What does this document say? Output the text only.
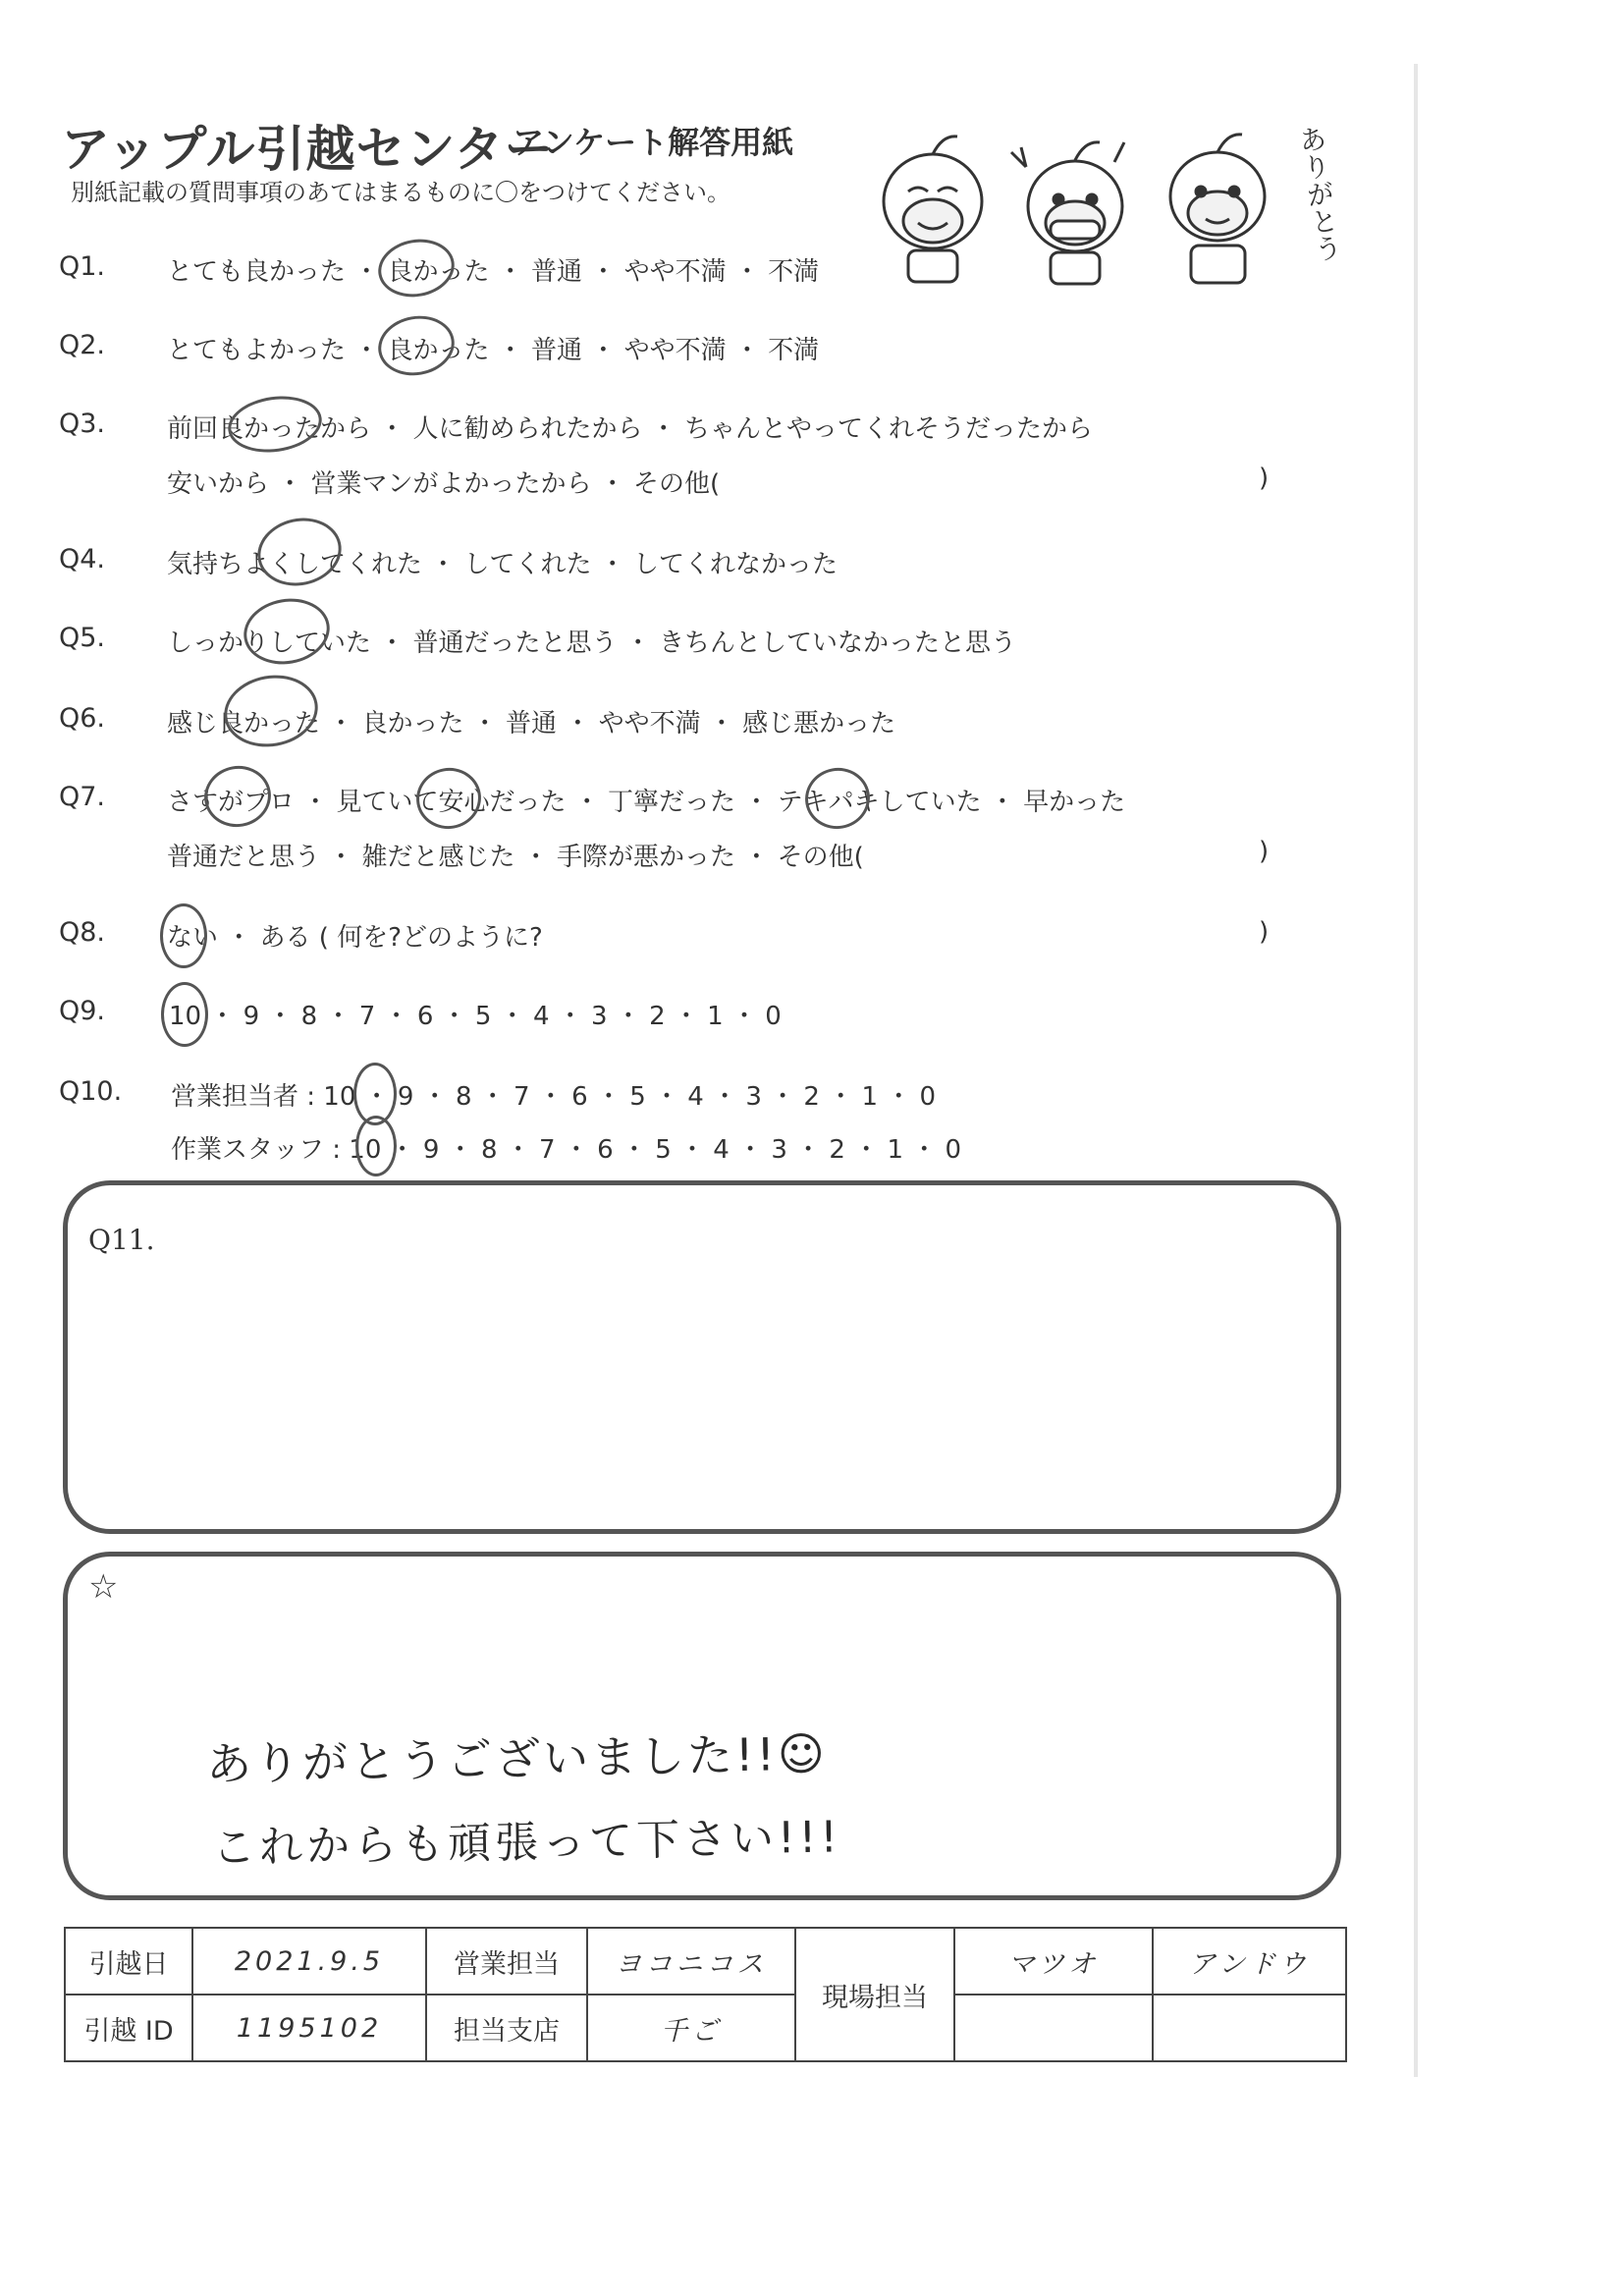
アップル引越センター
アンケート解答用紙
別紙記載の質問事項のあてはまるものに〇をつけてください。	ありがとう
Q1. とても良かった ・ 良かった ・ 普通 ・ やや不満 ・ 不満
Q2. とてもよかった ・ 良かった ・ 普通 ・ やや不満 ・ 不満
Q3. 前回良かったから ・ 人に勧められたから ・ ちゃんとやってくれそうだったから
安いから ・ 営業マンがよかったから ・ その他(	)
Q4. 気持ちよくしてくれた ・ してくれた ・ してくれなかった
Q5. しっかりしていた ・ 普通だったと思う ・ きちんとしていなかったと思う
Q6. 感じ良かった ・ 良かった ・ 普通 ・ やや不満 ・ 感じ悪かった
Q7. さすがプロ ・ 見ていて安心だった ・ 丁寧だった ・ テキパキしていた ・ 早かった
普通だと思う ・ 雑だと感じた ・ 手際が悪かった ・ その他(	)
Q8. ない ・ ある ( 何を?どのように?	)
Q9. 10 ・ 9 ・ 8 ・ 7 ・ 6 ・ 5 ・ 4 ・ 3 ・ 2 ・ 1 ・ 0
Q10. 営業担当者 : 10 ・ 9 ・ 8 ・ 7 ・ 6 ・ 5 ・ 4 ・ 3 ・ 2 ・ 1 ・ 0
作業スタッフ : 10 ・ 9 ・ 8 ・ 7 ・ 6 ・ 5 ・ 4 ・ 3 ・ 2 ・ 1 ・ 0
Q11.
☆
ありがとうございました!!☺
これからも頑張って下さい!!!
引越日	2021.9.5	営業担当	ヨコニコス	現場担当	マツオ	アンドウ
引越 ID	1195102	担当支店	千ご			
